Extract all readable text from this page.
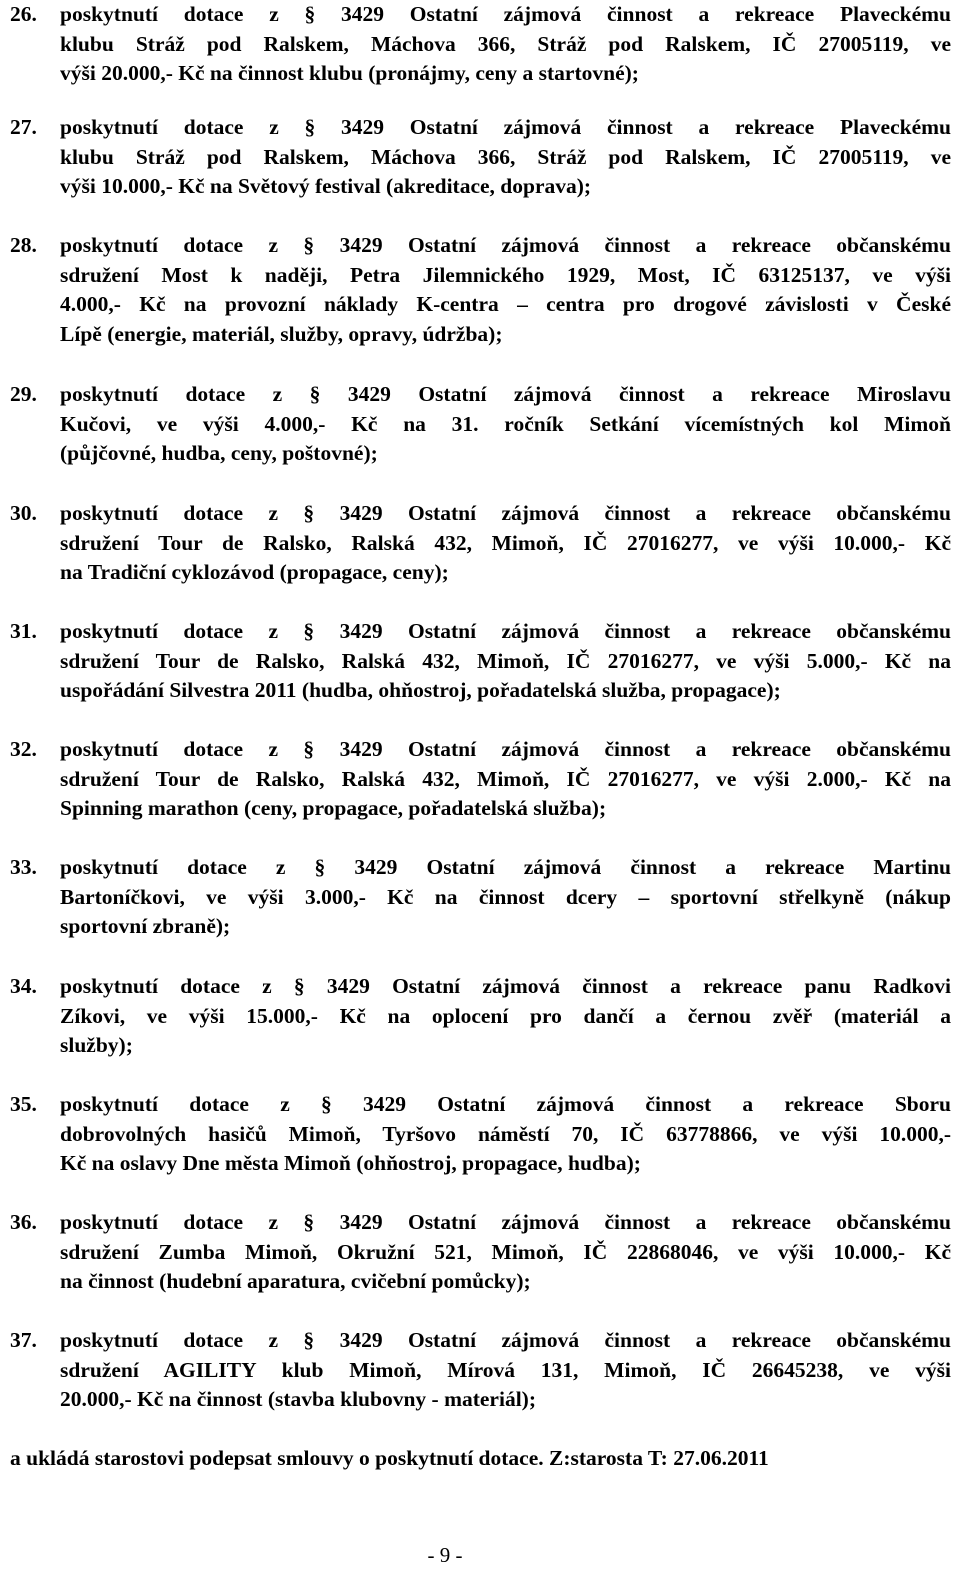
26. poskytnutí dotace z § 3429 Ostatní zájmová činnost a rekreace Plaveckému
klubu Stráž pod Ralskem, Máchova 366, Stráž pod Ralskem, IČ 27005119, ve
výši 20.000,- Kč na činnost klubu (pronájmy, ceny a startovné);
27. poskytnutí dotace z § 3429 Ostatní zájmová činnost a rekreace Plaveckému
klubu Stráž pod Ralskem, Máchova 366, Stráž pod Ralskem, IČ 27005119, ve
výši 10.000,- Kč na Světový festival (akreditace, doprava);
28. poskytnutí dotace z § 3429 Ostatní zájmová činnost a rekreace občanskému
sdružení Most k naději, Petra Jilemnického 1929, Most, IČ 63125137, ve výši
4.000,- Kč na provozní náklady K-centra – centra pro drogové závislosti v České
Lípě (energie, materiál, služby, opravy, údržba);
29. poskytnutí dotace z § 3429 Ostatní zájmová činnost a rekreace Miroslavu
Kučovi, ve výši 4.000,- Kč na 31. ročník Setkání vícemístných kol Mimoň
(půjčovné, hudba, ceny, poštovné);
30. poskytnutí dotace z § 3429 Ostatní zájmová činnost a rekreace občanskému
sdružení Tour de Ralsko, Ralská 432, Mimoň, IČ 27016277, ve výši 10.000,- Kč
na Tradiční cyklozávod (propagace, ceny);
31. poskytnutí dotace z § 3429 Ostatní zájmová činnost a rekreace občanskému
sdružení Tour de Ralsko, Ralská 432, Mimoň, IČ 27016277, ve výši 5.000,- Kč na
uspořádání Silvestra 2011 (hudba, ohňostroj, pořadatelská služba, propagace);
32. poskytnutí dotace z § 3429 Ostatní zájmová činnost a rekreace občanskému
sdružení Tour de Ralsko, Ralská 432, Mimoň, IČ 27016277, ve výši 2.000,- Kč na
Spinning marathon (ceny, propagace, pořadatelská služba);
33. poskytnutí dotace z § 3429 Ostatní zájmová činnost a rekreace Martinu
Bartoníčkovi, ve výši 3.000,- Kč na činnost dcery – sportovní střelkyně (nákup
sportovní zbraně);
34. poskytnutí dotace z § 3429 Ostatní zájmová činnost a rekreace panu Radkovi
Zíkovi, ve výši 15.000,- Kč na oplocení pro dančí a černou zvěř (materiál a
služby);
35. poskytnutí dotace z § 3429 Ostatní zájmová činnost a rekreace Sboru
dobrovolných hasičů Mimoň, Tyršovo náměstí 70, IČ 63778866, ve výši 10.000,-
Kč na oslavy Dne města Mimoň (ohňostroj, propagace, hudba);
36. poskytnutí dotace z § 3429 Ostatní zájmová činnost a rekreace občanskému
sdružení Zumba Mimoň, Okružní 521, Mimoň, IČ 22868046, ve výši 10.000,- Kč
na činnost (hudební aparatura, cvičební pomůcky);
37. poskytnutí dotace z § 3429 Ostatní zájmová činnost a rekreace občanskému
sdružení AGILITY klub Mimoň, Mírová 131, Mimoň, IČ 26645238, ve výši
20.000,- Kč na činnost (stavba klubovny - materiál);
a ukládá starostovi podepsat smlouvy o poskytnutí dotace. Z:starosta T: 27.06.2011
- 9 -
